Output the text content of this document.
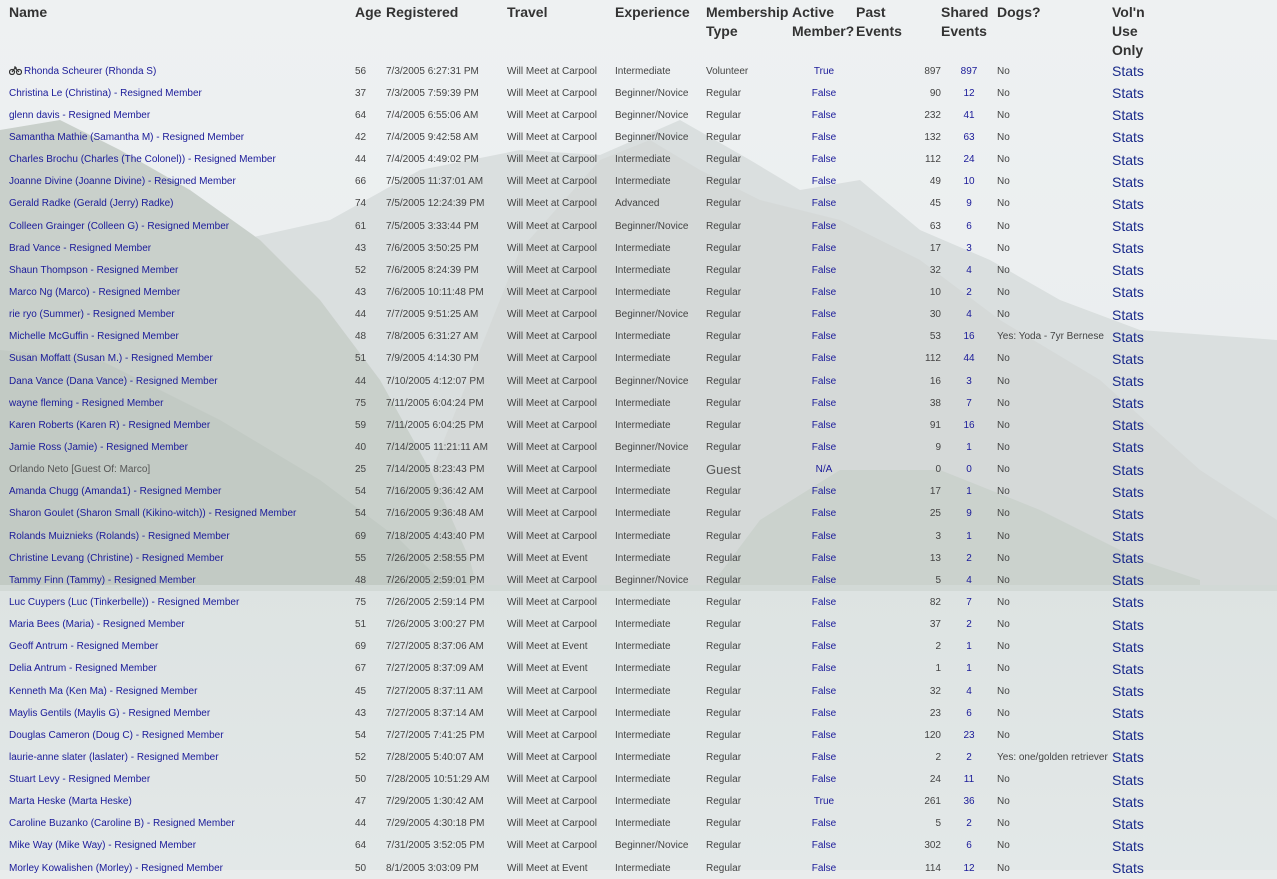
Name	Age	Registered	Travel	Experience	Membership Type	Active Member?	Past Events	Shared Events	Dogs?	Vol'n Use Only
Rhonda Scheurer (Rhonda S)	56	7/3/2005 6:27:31 PM	Will Meet at Carpool	Intermediate	Volunteer	True	897	897	No	Stats
Christina Le (Christina) - Resigned Member	37	7/3/2005 7:59:39 PM	Will Meet at Carpool	Beginner/Novice	Regular	False	90	12	No	Stats
glenn davis - Resigned Member	64	7/4/2005 6:55:06 AM	Will Meet at Carpool	Beginner/Novice	Regular	False	232	41	No	Stats
Samantha Mathie (Samantha M) - Resigned Member	42	7/4/2005 9:42:58 AM	Will Meet at Carpool	Beginner/Novice	Regular	False	132	63	No	Stats
Charles Brochu (Charles (The Colonel)) - Resigned Member	44	7/4/2005 4:49:02 PM	Will Meet at Carpool	Intermediate	Regular	False	112	24	No	Stats
Joanne Divine (Joanne Divine) - Resigned Member	66	7/5/2005 11:37:01 AM	Will Meet at Carpool	Intermediate	Regular	False	49	10	No	Stats
Gerald Radke (Gerald (Jerry) Radke)	74	7/5/2005 12:24:39 PM	Will Meet at Carpool	Advanced	Regular	False	45	9	No	Stats
Colleen Grainger (Colleen G) - Resigned Member	61	7/5/2005 3:33:44 PM	Will Meet at Carpool	Beginner/Novice	Regular	False	63	6	No	Stats
Brad Vance - Resigned Member	43	7/6/2005 3:50:25 PM	Will Meet at Carpool	Intermediate	Regular	False	17	3	No	Stats
Shaun Thompson - Resigned Member	52	7/6/2005 8:24:39 PM	Will Meet at Carpool	Intermediate	Regular	False	32	4	No	Stats
Marco Ng (Marco) - Resigned Member	43	7/6/2005 10:11:48 PM	Will Meet at Carpool	Intermediate	Regular	False	10	2	No	Stats
rie ryo (Summer) - Resigned Member	44	7/7/2005 9:51:25 AM	Will Meet at Carpool	Beginner/Novice	Regular	False	30	4	No	Stats
Michelle McGuffin - Resigned Member	48	7/8/2005 6:31:27 AM	Will Meet at Carpool	Intermediate	Regular	False	53	16	Yes: Yoda - 7yr Bernese	Stats
Susan Moffatt (Susan M.) - Resigned Member	51	7/9/2005 4:14:30 PM	Will Meet at Carpool	Intermediate	Regular	False	112	44	No	Stats
Dana Vance (Dana Vance) - Resigned Member	44	7/10/2005 4:12:07 PM	Will Meet at Carpool	Beginner/Novice	Regular	False	16	3	No	Stats
wayne fleming - Resigned Member	75	7/11/2005 6:04:24 PM	Will Meet at Carpool	Intermediate	Regular	False	38	7	No	Stats
Karen Roberts (Karen R) - Resigned Member	59	7/11/2005 6:04:25 PM	Will Meet at Carpool	Intermediate	Regular	False	91	16	No	Stats
Jamie Ross (Jamie) - Resigned Member	40	7/14/2005 11:21:11 AM	Will Meet at Carpool	Beginner/Novice	Regular	False	9	1	No	Stats
Orlando Neto [Guest Of: Marco]	25	7/14/2005 8:23:43 PM	Will Meet at Carpool	Intermediate	Guest	N/A	0	0	No	Stats
Amanda Chugg (Amanda1) - Resigned Member	54	7/16/2005 9:36:42 AM	Will Meet at Carpool	Intermediate	Regular	False	17	1	No	Stats
Sharon Goulet (Sharon Small (Kikino-witch)) - Resigned Member	54	7/16/2005 9:36:48 AM	Will Meet at Carpool	Intermediate	Regular	False	25	9	No	Stats
Rolands Muiznieks (Rolands) - Resigned Member	69	7/18/2005 4:43:40 PM	Will Meet at Carpool	Intermediate	Regular	False	3	1	No	Stats
Christine Levang (Christine) - Resigned Member	55	7/26/2005 2:58:55 PM	Will Meet at Event	Intermediate	Regular	False	13	2	No	Stats
Tammy Finn (Tammy) - Resigned Member	48	7/26/2005 2:59:01 PM	Will Meet at Carpool	Beginner/Novice	Regular	False	5	4	No	Stats
Luc Cuypers (Luc (Tinkerbelle)) - Resigned Member	75	7/26/2005 2:59:14 PM	Will Meet at Carpool	Intermediate	Regular	False	82	7	No	Stats
Maria Bees (Maria) - Resigned Member	51	7/26/2005 3:00:27 PM	Will Meet at Carpool	Intermediate	Regular	False	37	2	No	Stats
Geoff Antrum - Resigned Member	69	7/27/2005 8:37:06 AM	Will Meet at Event	Intermediate	Regular	False	2	1	No	Stats
Delia Antrum - Resigned Member	67	7/27/2005 8:37:09 AM	Will Meet at Event	Intermediate	Regular	False	1	1	No	Stats
Kenneth Ma (Ken Ma) - Resigned Member	45	7/27/2005 8:37:11 AM	Will Meet at Carpool	Intermediate	Regular	False	32	4	No	Stats
Maylis Gentils (Maylis G) - Resigned Member	43	7/27/2005 8:37:14 AM	Will Meet at Carpool	Intermediate	Regular	False	23	6	No	Stats
Douglas Cameron (Doug C) - Resigned Member	54	7/27/2005 7:41:25 PM	Will Meet at Carpool	Intermediate	Regular	False	120	23	No	Stats
laurie-anne slater (laslater) - Resigned Member	52	7/28/2005 5:40:07 AM	Will Meet at Carpool	Intermediate	Regular	False	2	2	Yes: one/golden retriever	Stats
Stuart Levy - Resigned Member	50	7/28/2005 10:51:29 AM	Will Meet at Carpool	Intermediate	Regular	False	24	11	No	Stats
Marta Heske (Marta Heske)	47	7/29/2005 1:30:42 AM	Will Meet at Carpool	Intermediate	Regular	True	261	36	No	Stats
Caroline Buzanko (Caroline B) - Resigned Member	44	7/29/2005 4:30:18 PM	Will Meet at Carpool	Intermediate	Regular	False	5	2	No	Stats
Mike Way (Mike Way) - Resigned Member	64	7/31/2005 3:52:05 PM	Will Meet at Carpool	Beginner/Novice	Regular	False	302	6	No	Stats
Morley Kowalishen (Morley) - Resigned Member	50	8/1/2005 3:03:09 PM	Will Meet at Event	Intermediate	Regular	False	114	12	No	Stats
